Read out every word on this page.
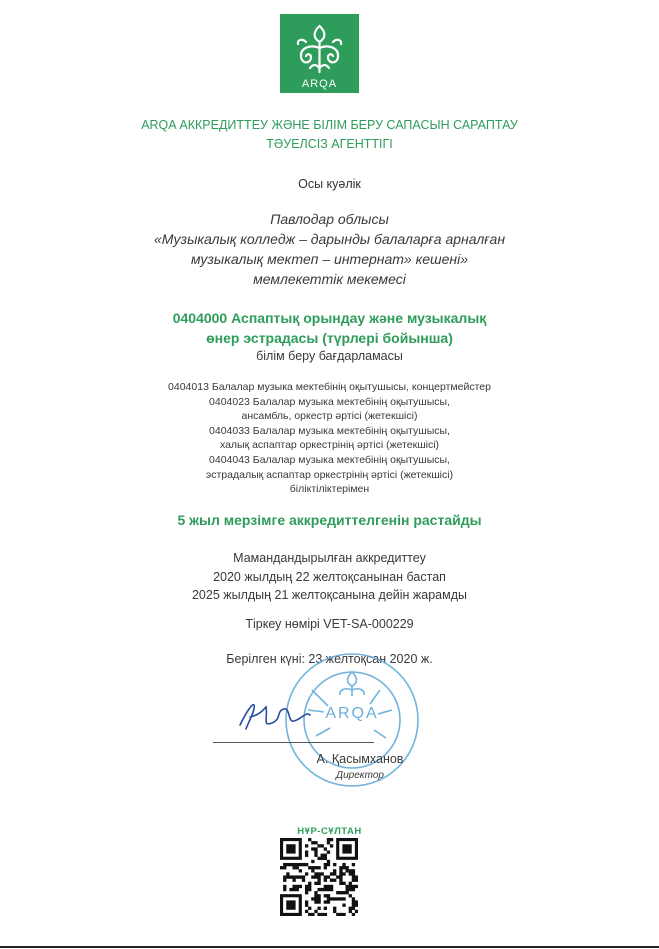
ARQA
ARQA АККРЕДИТТЕУ ЖӘНЕ БІЛІМ БЕРУ САПАСЫН САРАПТАУ
ТӘУЕЛСІЗ АГЕНТТІГІ
Осы куәлік
Павлодар облысы
«Музыкалық колледж – дарынды балаларға арналған
музыкалық мектеп – интернат» кешені»
мемлекеттік мекемесі
0404000 Аспаптық орындау және музыкалық
өнер эстрадасы (түрлері бойынша)
білім беру бағдарламасы
0404013 Балалар музыка мектебінің оқытушысы, концертмейстер
0404023 Балалар музыка мектебінің оқытушысы,
ансамбль, оркестр әртісі (жетекшісі)
0404033 Балалар музыка мектебінің оқытушысы,
халық аспаптар оркестрінің әртісі (жетекшісі)
0404043 Балалар музыка мектебінің оқытушысы,
эстрадалық аспаптар оркестрінің әртісі (жетекшісі)
біліктіліктерімен
5 жыл мерзімге аккредиттелгенін растайды
Мамандандырылған аккредиттеу
2020 жылдың 22 желтоқсанынан бастап
2025 жылдың 21 желтоқсанына дейін жарамды
Тіркеу нөмірі VET-SA-000229
Берілген күні: 23 желтоқсан 2020 ж.
ARQA
А. Қасымханов
Директор
НҰР-СҰЛТАН
